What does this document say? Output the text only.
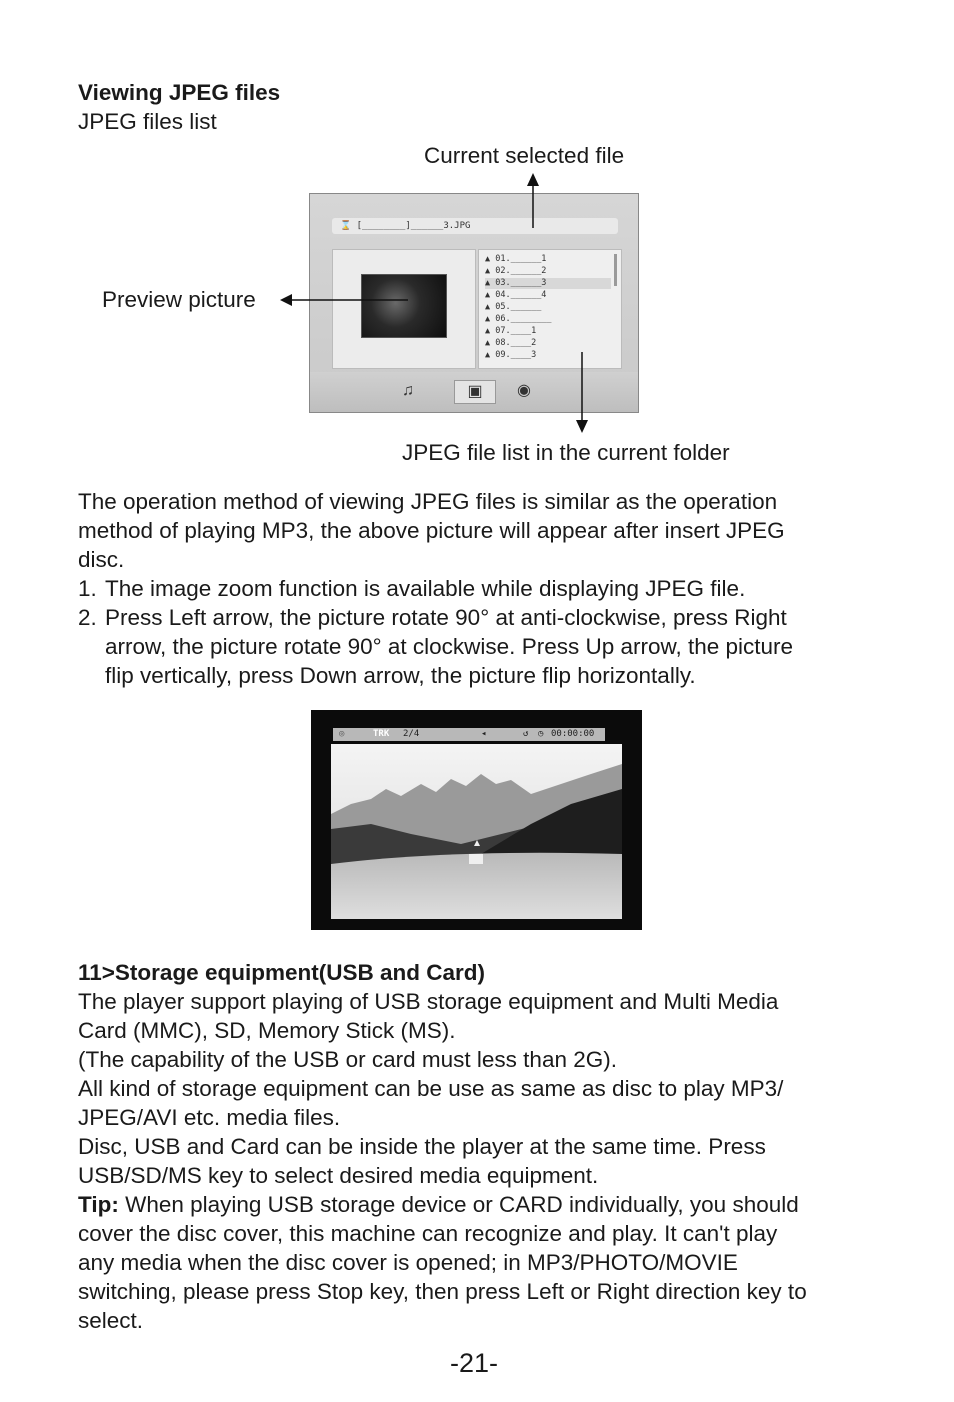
Viewing JPEG files
JPEG files list
Current selected file
Preview picture
JPEG file list in the current folder
⌛ [________]______3.JPG
▲ 01.______1
▲ 02.______2
▲ 03.______3
▲ 04.______4
▲ 05.______
▲ 06.________
▲ 07.____1
▲ 08.____2
▲ 09.____3
♫	▣	◉
The operation method of viewing JPEG files is similar as the operation
method of playing MP3, the above picture will appear after insert JPEG
disc.
1. The image zoom function is available while displaying JPEG file.
2. Press Left arrow, the picture rotate 90° at anti-clockwise, press Right
arrow, the picture rotate 90° at clockwise. Press Up arrow, the picture
flip vertically, press Down arrow, the picture flip horizontally.
◎	TRK 2/4	◂	↺ ◷ 00:00:00
11>Storage equipment(USB and Card)
The player support playing of USB storage equipment and Multi Media
Card (MMC), SD, Memory Stick (MS).
(The capability of the USB or card must less than 2G).
All kind of storage equipment can be use as same as disc to play MP3/
JPEG/AVI etc. media files.
Disc, USB and Card can be inside the player at the same time. Press
USB/SD/MS key to select desired media equipment.
Tip: When playing USB storage device or CARD individually, you should
cover the disc cover, this machine can recognize and play. It can't play
any media when the disc cover is opened; in MP3/PHOTO/MOVIE
switching, please press Stop key, then press Left or Right direction key to
select.
-21-
